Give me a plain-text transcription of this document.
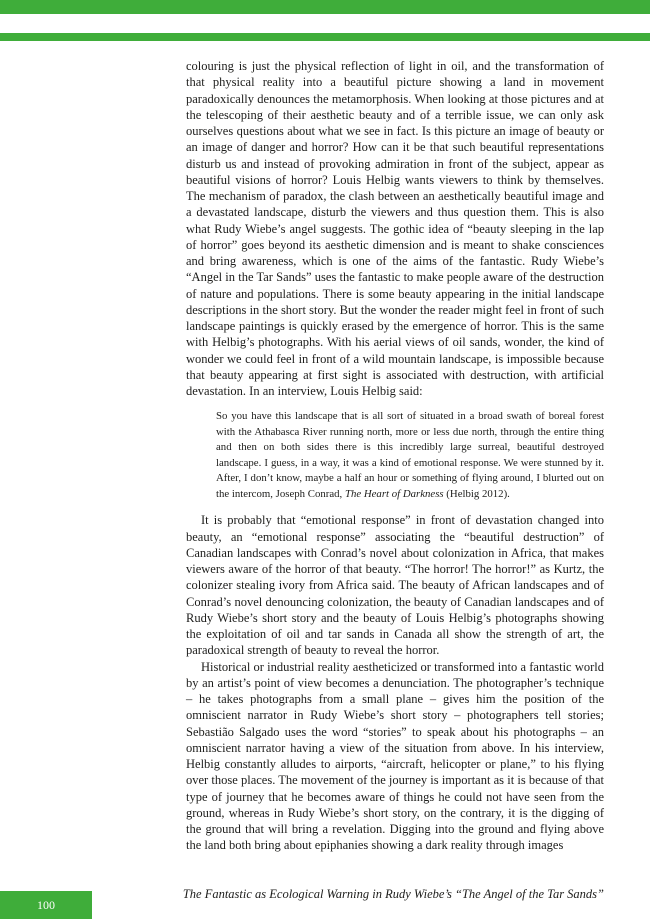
colouring is just the physical reflection of light in oil, and the transformation of that physical reality into a beautiful picture showing a land in movement paradoxically denounces the metamorphosis. When looking at those pictures and at the telescoping of their aesthetic beauty and of a terrible issue, we can only ask ourselves questions about what we see in fact. Is this picture an image of beauty or an image of danger and horror? How can it be that such beautiful representations disturb us and instead of provoking admiration in front of the subject, appear as beautiful visions of horror? Louis Helbig wants viewers to think by themselves. The mechanism of paradox, the clash between an aesthetically beautiful image and a devastated landscape, disturb the viewers and thus question them. This is also what Rudy Wiebe’s angel suggests. The gothic idea of “beauty sleeping in the lap of horror” goes beyond its aesthetic dimension and is meant to shake consciences and bring awareness, which is one of the aims of the fantastic. Rudy Wiebe’s “Angel in the Tar Sands” uses the fantastic to make people aware of the destruction of nature and populations. There is some beauty appearing in the initial landscape descriptions in the short story. But the wonder the reader might feel in front of such landscape paintings is quickly erased by the emergence of horror. This is the same with Helbig’s photographs. With his aerial views of oil sands, wonder, the kind of wonder we could feel in front of a wild mountain landscape, is impossible because that beauty appearing at first sight is associated with destruction, with artificial devastation. In an interview, Louis Helbig said:

So you have this landscape that is all sort of situated in a broad swath of boreal forest with the Athabasca River running north, more or less due north, through the entire thing and then on both sides there is this incredibly large surreal, beautiful destroyed landscape. I guess, in a way, it was a kind of emotional response. We were stunned by it. After, I don’t know, maybe a half an hour or something of flying around, I blurted out on the intercom, Joseph Conrad, The Heart of Darkness (Helbig 2012).

It is probably that “emotional response” in front of devastation changed into beauty, an “emotional response” associating the “beautiful destruction” of Canadian landscapes with Conrad’s novel about colonization in Africa, that makes viewers aware of the horror of that beauty. “The horror! The horror!” as Kurtz, the colonizer stealing ivory from Africa said. The beauty of African landscapes and of Conrad’s novel denouncing colonization, the beauty of Canadian landscapes and of Rudy Wiebe’s short story and the beauty of Louis Helbig’s photographs showing the exploitation of oil and tar sands in Canada all show the strength of art, the paradoxical strength of beauty to reveal the horror.

Historical or industrial reality aestheticized or transformed into a fantastic world by an artist’s point of view becomes a denunciation. The photographer’s technique – he takes photographs from a small plane – gives him the position of the omniscient narrator in Rudy Wiebe’s short story – photographers tell stories; Sebastião Salgado uses the word “stories” to speak about his photographs – an omniscient narrator having a view of the situation from above. In his interview, Helbig constantly alludes to airports, “aircraft, helicopter or plane,” to his flying over those places. The movement of the journey is important as it is because of that type of journey that he becomes aware of things he could not have seen from the ground, whereas in Rudy Wiebe’s short story, on the contrary, it is the digging of the ground that will bring a revelation. Digging into the ground and flying above the land both bring about epiphanies showing a dark reality through images

100
The Fantastic as Ecological Warning in Rudy Wiebe’s “The Angel of the Tar Sands”
